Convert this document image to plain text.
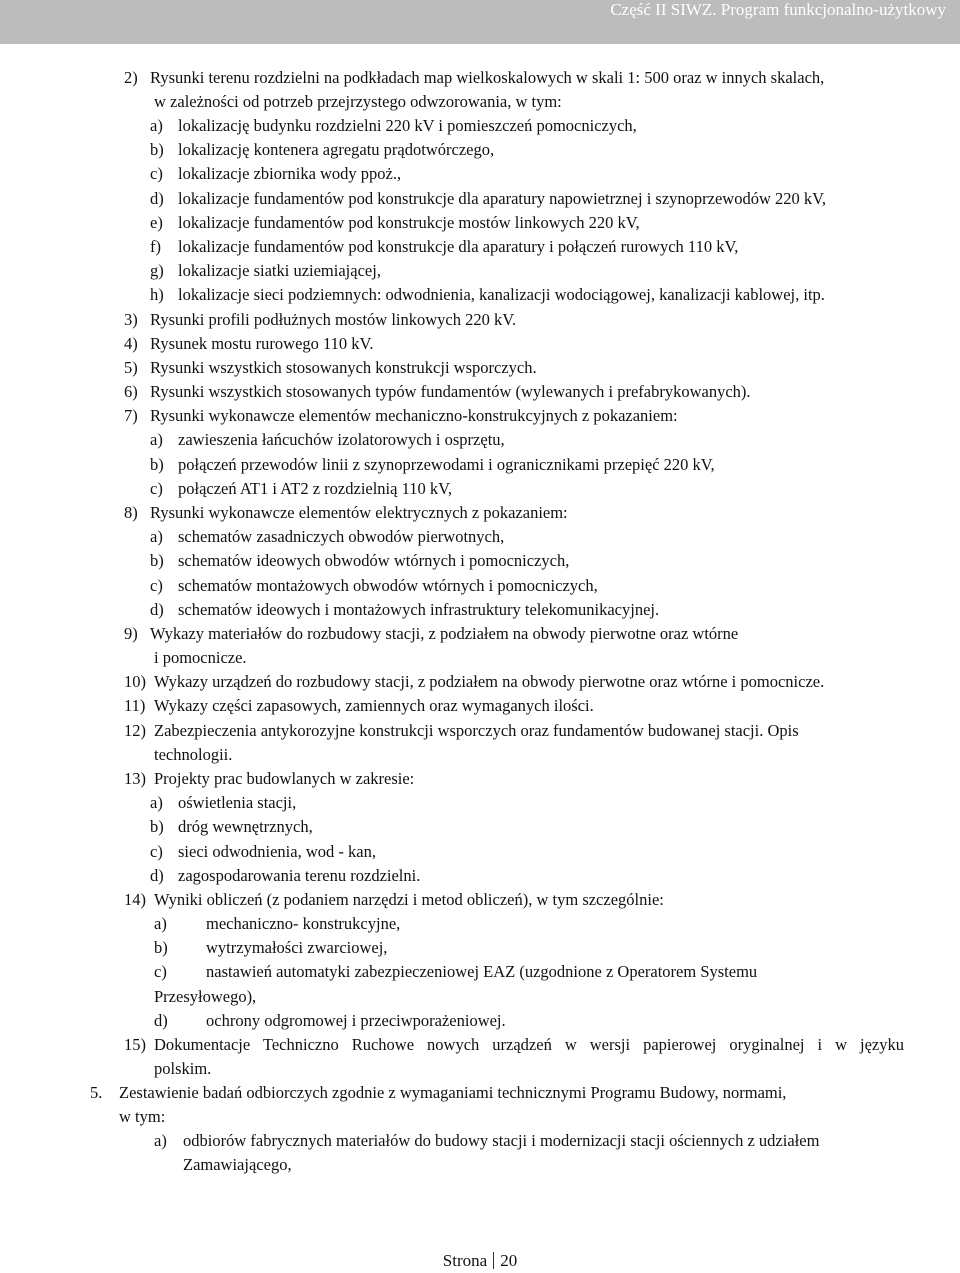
Część II SIWZ. Program funkcjonalno-użytkowy
2) Rysunki terenu rozdzielni na podkładach map wielkoskalowych w skali 1: 500 oraz w innych skalach,
w zależności od potrzeb przejrzystego odwzorowania, w tym:
a) lokalizację budynku rozdzielni 220 kV i pomieszczeń pomocniczych,
b) lokalizację kontenera agregatu prądotwórczego,
c) lokalizacje zbiornika wody ppoż.,
d) lokalizacje fundamentów pod konstrukcje dla aparatury napowietrznej i szynoprzewodów 220 kV,
e) lokalizacje fundamentów pod konstrukcje mostów linkowych 220 kV,
f) lokalizacje fundamentów pod konstrukcje dla aparatury i połączeń rurowych 110 kV,
g) lokalizacje siatki uziemiającej,
h) lokalizacje sieci podziemnych: odwodnienia, kanalizacji wodociągowej, kanalizacji kablowej, itp.
3) Rysunki profili podłużnych mostów linkowych 220 kV.
4) Rysunek mostu rurowego 110 kV.
5) Rysunki wszystkich stosowanych konstrukcji wsporczych.
6) Rysunki wszystkich stosowanych typów fundamentów (wylewanych i prefabrykowanych).
7) Rysunki wykonawcze elementów mechaniczno-konstrukcyjnych z pokazaniem:
a) zawieszenia łańcuchów izolatorowych i osprzętu,
b) połączeń przewodów linii z szynoprzewodami i ogranicznikami przepięć 220 kV,
c) połączeń AT1 i AT2 z rozdzielnią 110 kV,
8) Rysunki wykonawcze elementów elektrycznych z pokazaniem:
a) schematów zasadniczych obwodów pierwotnych,
b) schematów ideowych obwodów wtórnych i pomocniczych,
c) schematów montażowych obwodów wtórnych i pomocniczych,
d) schematów ideowych i montażowych infrastruktury telekomunikacyjnej.
9) Wykazy materiałów do rozbudowy stacji, z podziałem na obwody pierwotne oraz wtórne
i pomocnicze.
10) Wykazy urządzeń do rozbudowy stacji, z podziałem na obwody pierwotne oraz wtórne i pomocnicze.
11) Wykazy części zapasowych, zamiennych oraz wymaganych ilości.
12) Zabezpieczenia antykorozyjne konstrukcji wsporczych oraz fundamentów budowanej stacji. Opis
technologii.
13) Projekty prac budowlanych w zakresie:
a) oświetlenia stacji,
b) dróg wewnętrznych,
c) sieci odwodnienia, wod - kan,
d) zagospodarowania terenu rozdzielni.
14) Wyniki obliczeń (z podaniem narzędzi i metod obliczeń), w tym szczególnie:
a) mechaniczno- konstrukcyjne,
b) wytrzymałości zwarciowej,
c) nastawień automatyki zabezpieczeniowej EAZ (uzgodnione z Operatorem Systemu
Przesyłowego),
d) ochrony odgromowej i przeciwporażeniowej.
15) Dokumentacje Techniczno Ruchowe nowych urządzeń w wersji papierowej oryginalnej i w języku
polskim.
5. Zestawienie badań odbiorczych zgodnie z wymaganiami technicznymi Programu Budowy, normami,
w tym:
a) odbiorów fabrycznych materiałów do budowy stacji i modernizacji stacji ościennych z udziałem
Zamawiającego,
Strona 20
